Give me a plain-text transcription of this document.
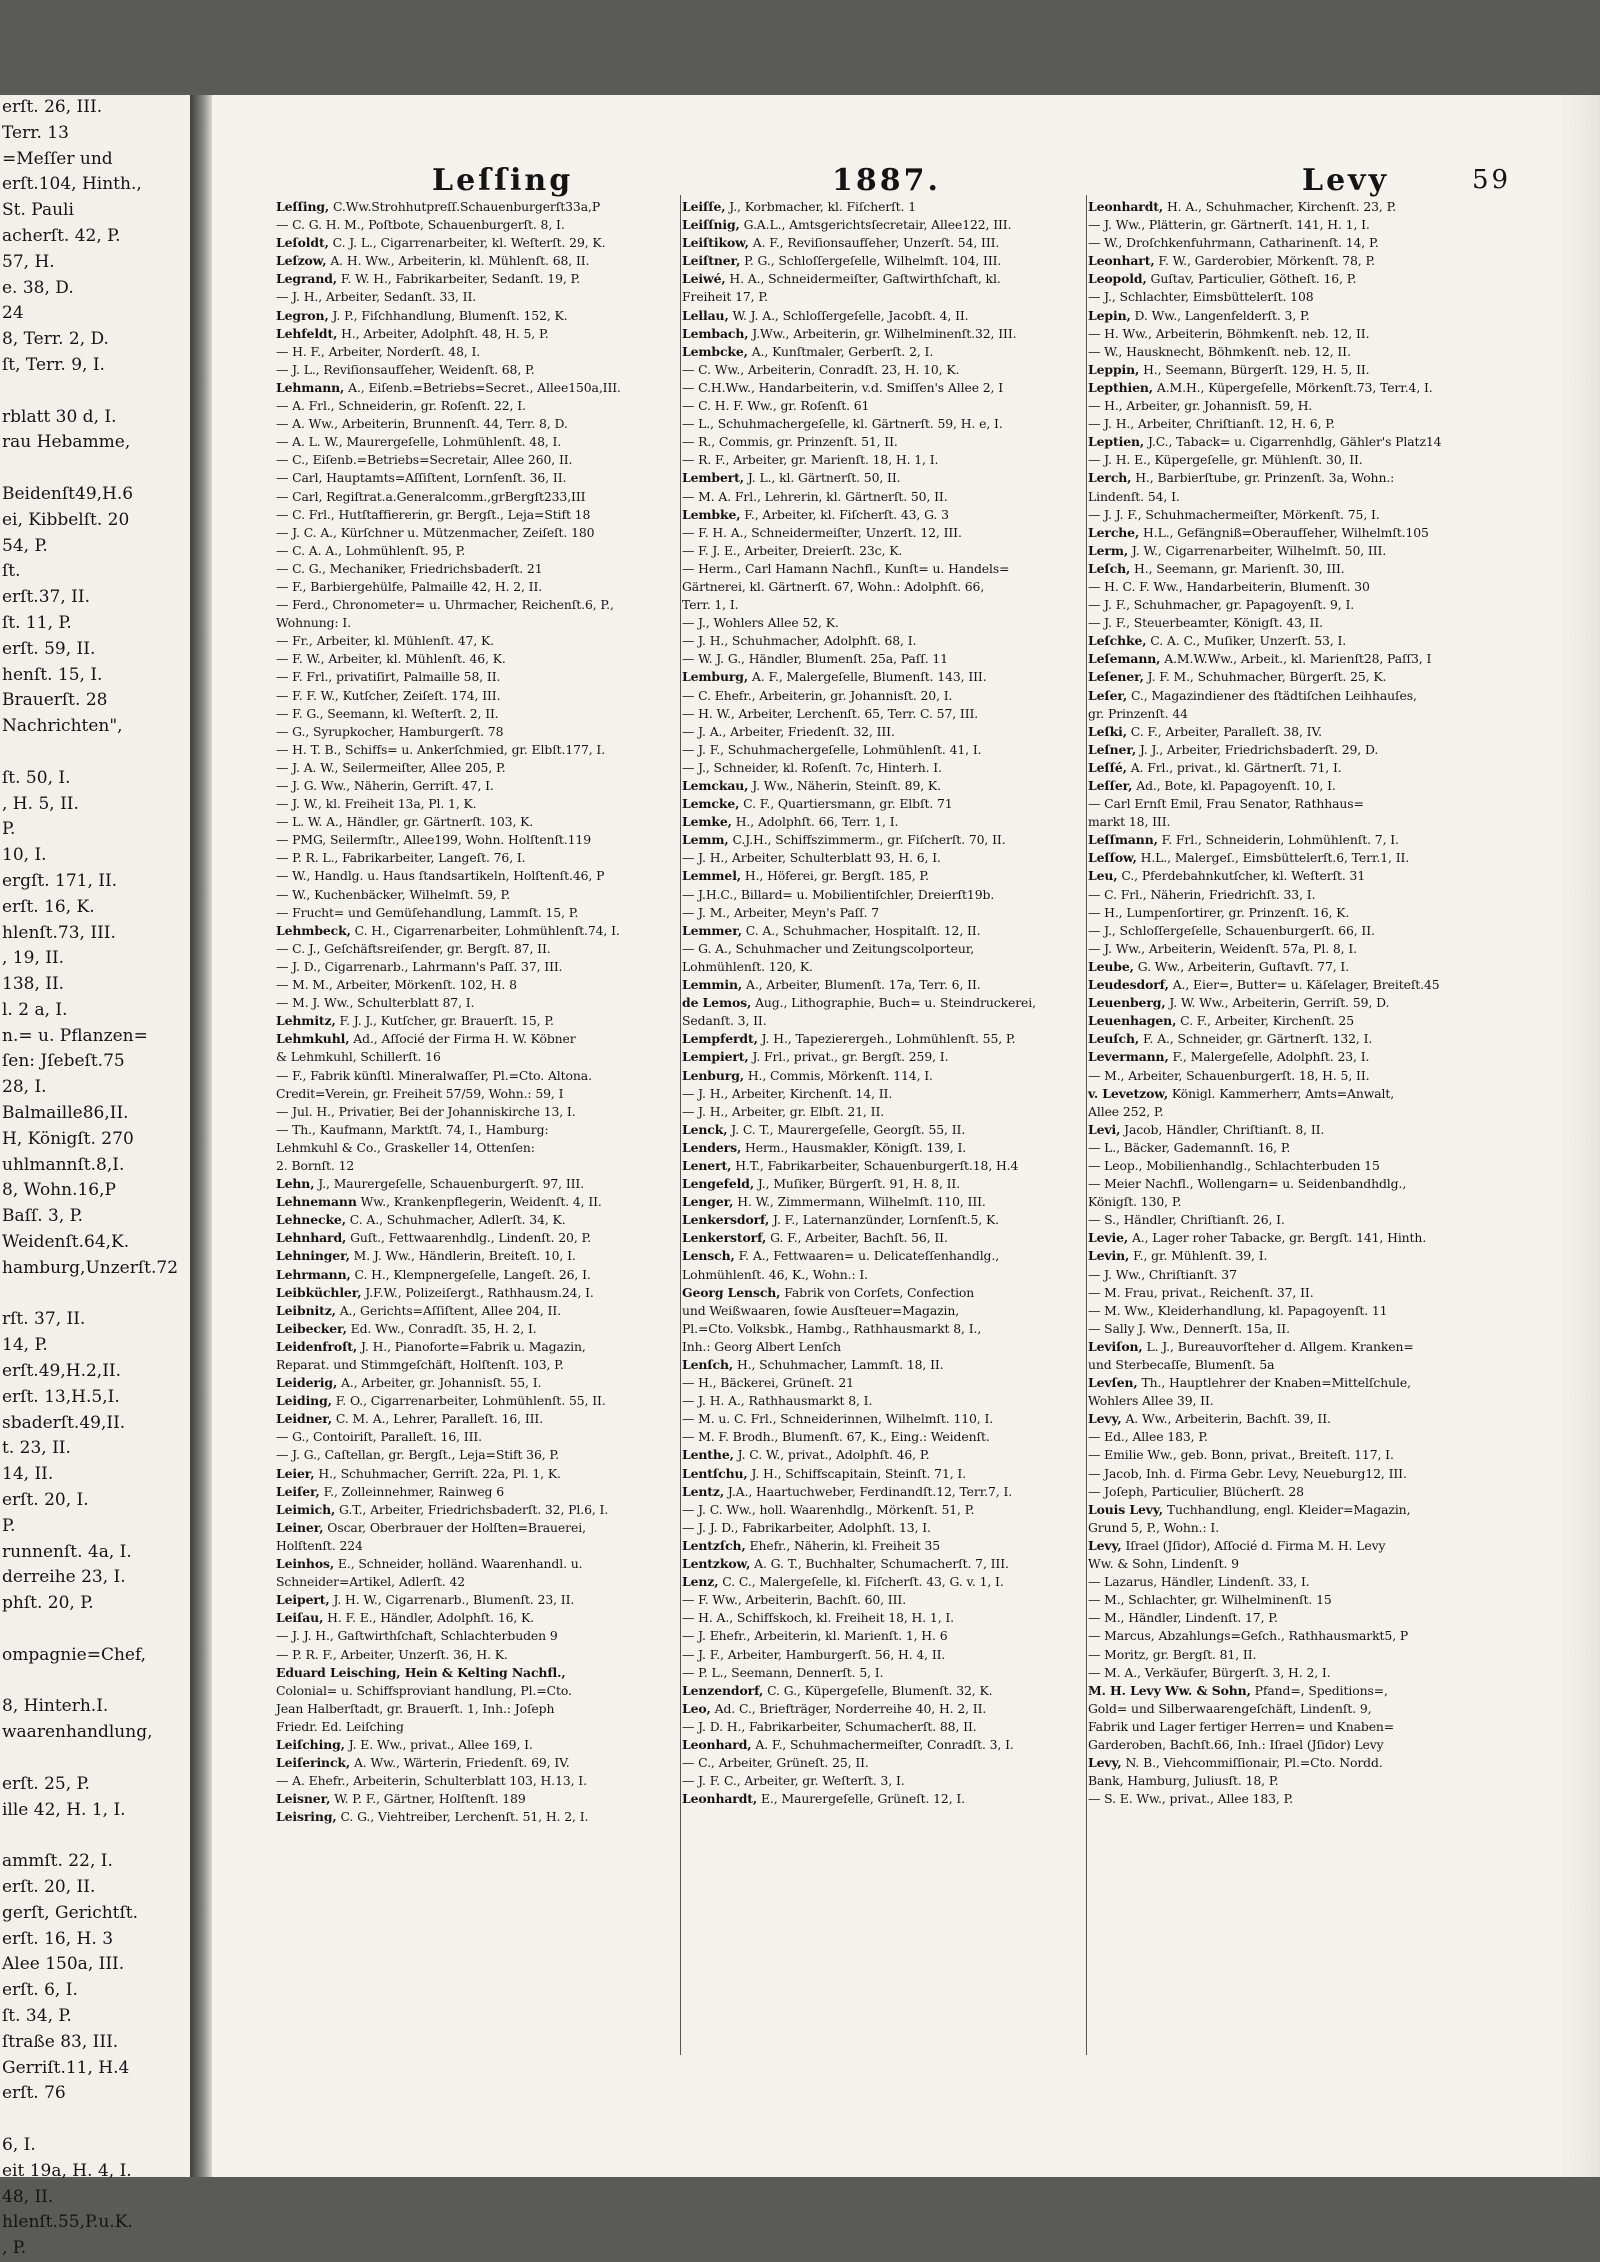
erſt. 26, III.
Terr. 13
=Meſſer und
erſt.104, Hinth.,
St. Pauli
acherſt. 42, P.
57, H.
e. 38, D.
24
8, Terr. 2, D.
ſt, Terr. 9, I.

rblatt 30 d, I.
rau Hebamme,

Beidenſt49,H.6
ei, Kibbelſt. 20
54, P.
ſt.
erſt.37, II.
ſt. 11, P.
erſt. 59, II.
henſt. 15, I.
Brauerſt. 28
Nachrichten",

ſt. 50, I.
, H. 5, II.
P.
10, I.
ergſt. 171, II.
erſt. 16, K.
hlenſt.73, III.
, 19, II.
138, II.
l. 2 a, I.
n.= u. Pflanzen=
ſen: Jſebeſt.75
28, I.
Balmaille86,II.
H, Königſt. 270
uhlmannſt.8,I.
8, Wohn.16,P
Baſſ. 3, P.
Weidenſt.64,K.
hamburg,Unzerſt.72

rſt. 37, II.
14, P.
erſt.49,H.2,II.
erſt. 13,H.5,I.
sbaderſt.49,II.
t. 23, II.
14, II.
erſt. 20, I.
P.
runnenſt. 4a, I.
derreihe 23, I.
phſt. 20, P.

ompagnie=Chef,

8, Hinterh.I.
waarenhandlung,

erſt. 25, P.
ille 42, H. 1, I.

ammſt. 22, I.
erſt. 20, II.
gerſt, Gerichtſt.
erſt. 16, H. 3
Alee 150a, III.
erſt. 6, I.
ſt. 34, P.
ſtraße 83, III.
Gerriſt.11, H.4
erſt. 76

6, I.
eit 19a, H. 4, I.
48, II.
hlenſt.55,P.u.K.
, P.
Leſſing	1887.	Levy	59
Leſſing, C.Ww.Strohhutpreſſ.Schauenburgerſt33a,P
— C. G. H. M., Poſtbote, Schauenburgerſt. 8, I.
Leſoldt, C. J. L., Cigarrenarbeiter, kl. Weſterſt. 29, K.
Leſzow, A. H. Ww., Arbeiterin, kl. Mühlenſt. 68, II.
Legrand, F. W. H., Fabrikarbeiter, Sedanſt. 19, P.
— J. H., Arbeiter, Sedanſt. 33, II.
Legron, J. P., Fiſchhandlung, Blumenſt. 152, K.
Lehfeldt, H., Arbeiter, Adolphſt. 48, H. 5, P.
— H. F., Arbeiter, Norderſt. 48, I.
— J. L., Reviſionsaufſeher, Weidenſt. 68, P.
Lehmann, A., Eiſenb.=Betriebs=Secret., Allee150a,III.
— A. Frl., Schneiderin, gr. Roſenſt. 22, I.
— A. Ww., Arbeiterin, Brunnenſt. 44, Terr. 8, D.
— A. L. W., Maurergeſelle, Lohmühlenſt. 48, I.
— C., Eiſenb.=Betriebs=Secretair, Allee 260, II.
— Carl, Hauptamts=Aſſiſtent, Lornſenſt. 36, II.
— Carl, Regiſtrat.a.Generalcomm.,grBergſt233,III
— C. Frl., Hutſtaffiererin, gr. Bergſt., Leja=Stift 18
— J. C. A., Kürſchner u. Mützenmacher, Zeiſeſt. 180
— C. A. A., Lohmühlenſt. 95, P.
— C. G., Mechaniker, Friedrichsbaderſt. 21
— F., Barbiergehülfe, Palmaille 42, H. 2, II.
— Ferd., Chronometer= u. Uhrmacher, Reichenſt.6, P.,
Wohnung: I.
— Fr., Arbeiter, kl. Mühlenſt. 47, K.
— F. W., Arbeiter, kl. Mühlenſt. 46, K.
— F. Frl., privatiſirt, Palmaille 58, II.
— F. F. W., Kutſcher, Zeiſeſt. 174, III.
— F. G., Seemann, kl. Weſterſt. 2, II.
— G., Syrupkocher, Hamburgerſt. 78
— H. T. B., Schiffs= u. Ankerſchmied, gr. Elbſt.177, I.
— J. A. W., Seilermeiſter, Allee 205, P.
— J. G. Ww., Näherin, Gerriſt. 47, I.
— J. W., kl. Freiheit 13a, Pl. 1, K.
— L. W. A., Händler, gr. Gärtnerſt. 103, K.
— PMG, Seilermſtr., Allee199, Wohn. Holſtenſt.119
— P. R. L., Fabrikarbeiter, Langeſt. 76, I.
— W., Handlg. u. Haus ſtandsartikeln, Holſtenſt.46, P
— W., Kuchenbäcker, Wilhelmſt. 59, P.
— Frucht= und Gemüſehandlung, Lammſt. 15, P.
Lehmbeck, C. H., Cigarrenarbeiter, Lohmühlenſt.74, I.
— C. J., Geſchäftsreiſender, gr. Bergſt. 87, II.
— J. D., Cigarrenarb., Lahrmann's Paſſ. 37, III.
— M. M., Arbeiter, Mörkenſt. 102, H. 8
— M. J. Ww., Schulterblatt 87, I.
Lehmitz, F. J. J., Kutſcher, gr. Brauerſt. 15, P.
Lehmkuhl, Ad., Aſſocié der Firma H. W. Köbner
& Lehmkuhl, Schillerſt. 16
— F., Fabrik künſtl. Mineralwaſſer, Pl.=Cto. Altona.
Credit=Verein, gr. Freiheit 57/59, Wohn.: 59, I
— Jul. H., Privatier, Bei der Johanniskirche 13, I.
— Th., Kaufmann, Marktſt. 74, I., Hamburg:
Lehmkuhl & Co., Graskeller 14, Ottenſen:
2. Bornſt. 12
Lehn, J., Maurergeſelle, Schauenburgerſt. 97, III.
Lehnemann Ww., Krankenpflegerin, Weidenſt. 4, II.
Lehnecke, C. A., Schuhmacher, Adlerſt. 34, K.
Lehnhard, Guſt., Fettwaarenhdlg., Lindenſt. 20, P.
Lehninger, M. J. Ww., Händlerin, Breiteſt. 10, I.
Lehrmann, C. H., Klempnergeſelle, Langeſt. 26, I.
Leibküchler, J.F.W., Polizeiſergt., Rathhausm.24, I.
Leibnitz, A., Gerichts=Aſſiſtent, Allee 204, II.
Leibecker, Ed. Ww., Conradſt. 35, H. 2, I.
Leidenfroſt, J. H., Pianoforte=Fabrik u. Magazin,
Reparat. und Stimmgeſchäft, Holſtenſt. 103, P.
Leiderig, A., Arbeiter, gr. Johannisſt. 55, I.
Leiding, F. O., Cigarrenarbeiter, Lohmühlenſt. 55, II.
Leidner, C. M. A., Lehrer, Paralleſt. 16, III.
— G., Contoiriſt, Paralleſt. 16, III.
— J. G., Caſtellan, gr. Bergſt., Leja=Stift 36, P.
Leier, H., Schuhmacher, Gerriſt. 22a, Pl. 1, K.
Leiſer, F., Zolleinnehmer, Rainweg 6
Leimich, G.T., Arbeiter, Friedrichsbaderſt. 32, Pl.6, I.
Leiner, Oscar, Oberbrauer der Holſten=Brauerei,
Holſtenſt. 224
Leinhos, E., Schneider, holländ. Waarenhandl. u.
Schneider=Artikel, Adlerſt. 42
Leipert, J. H. W., Cigarrenarb., Blumenſt. 23, II.
Leiſau, H. F. E., Händler, Adolphſt. 16, K.
— J. J. H., Gaſtwirthſchaft, Schlachterbuden 9
— P. R. F., Arbeiter, Unzerſt. 36, H. K.
Eduard Leisching, Hein & Kelting Nachfl.,
Colonial= u. Schiffsproviant handlung, Pl.=Cto.
Jean Halberſtadt, gr. Brauerſt. 1, Inh.: Joſeph
Friedr. Ed. Leiſching
Leiſching, J. E. Ww., privat., Allee 169, I.
Leiſerinck, A. Ww., Wärterin, Friedenſt. 69, IV.
— A. Ehefr., Arbeiterin, Schulterblatt 103, H.13, I.
Leisner, W. P. F., Gärtner, Holſtenſt. 189
Leisring, C. G., Viehtreiber, Lerchenſt. 51, H. 2, I.
Leiſſe, J., Korbmacher, kl. Fiſcherſt. 1
Leiſſnig, G.A.L., Amtsgerichtsſecretair, Allee122, III.
Leiſtikow, A. F., Reviſionsaufſeher, Unzerſt. 54, III.
Leiſtner, P. G., Schloſſergeſelle, Wilhelmſt. 104, III.
Leiwé, H. A., Schneidermeiſter, Gaſtwirthſchaft, kl.
Freiheit 17, P.
Lellau, W. J. A., Schloſſergeſelle, Jacobſt. 4, II.
Lembach, J.Ww., Arbeiterin, gr. Wilhelminenſt.32, III.
Lembcke, A., Kunſtmaler, Gerberſt. 2, I.
— C. Ww., Arbeiterin, Conradſt. 23, H. 10, K.
— C.H.Ww., Handarbeiterin, v.d. Smiſſen's Allee 2, I
— C. H. F. Ww., gr. Roſenſt. 61
— L., Schuhmachergeſelle, kl. Gärtnerſt. 59, H. e, I.
— R., Commis, gr. Prinzenſt. 51, II.
— R. F., Arbeiter, gr. Marienſt. 18, H. 1, I.
Lembert, J. L., kl. Gärtnerſt. 50, II.
— M. A. Frl., Lehrerin, kl. Gärtnerſt. 50, II.
Lembke, F., Arbeiter, kl. Fiſcherſt. 43, G. 3
— F. H. A., Schneidermeiſter, Unzerſt. 12, III.
— F. J. E., Arbeiter, Dreierſt. 23c, K.
— Herm., Carl Hamann Nachfl., Kunſt= u. Handels=
Gärtnerei, kl. Gärtnerſt. 67, Wohn.: Adolphſt. 66,
Terr. 1, I.
— J., Wohlers Allee 52, K.
— J. H., Schuhmacher, Adolphſt. 68, I.
— W. J. G., Händler, Blumenſt. 25a, Paſſ. 11
Lemburg, A. F., Malergeſelle, Blumenſt. 143, III.
— C. Ehefr., Arbeiterin, gr. Johannisſt. 20, I.
— H. W., Arbeiter, Lerchenſt. 65, Terr. C. 57, III.
— J. A., Arbeiter, Friedenſt. 32, III.
— J. F., Schuhmachergeſelle, Lohmühlenſt. 41, I.
— J., Schneider, kl. Roſenſt. 7c, Hinterh. I.
Lemckau, J. Ww., Näherin, Steinſt. 89, K.
Lemcke, C. F., Quartiersmann, gr. Elbſt. 71
Lemke, H., Adolphſt. 66, Terr. 1, I.
Lemm, C.J.H., Schiffszimmerm., gr. Fiſcherſt. 70, II.
— J. H., Arbeiter, Schulterblatt 93, H. 6, I.
Lemmel, H., Höferei, gr. Bergſt. 185, P.
— J.H.C., Billard= u. Mobilientiſchler, Dreierſt19b.
— J. M., Arbeiter, Meyn's Paſſ. 7
Lemmer, C. A., Schuhmacher, Hospitalſt. 12, II.
— G. A., Schuhmacher und Zeitungscolporteur,
Lohmühlenſt. 120, K.
Lemmin, A., Arbeiter, Blumenſt. 17a, Terr. 6, II.
de Lemos, Aug., Lithographie, Buch= u. Steindruckerei,
Sedanſt. 3, II.
Lempferdt, J. H., Tapezierergeh., Lohmühlenſt. 55, P.
Lempiert, J. Frl., privat., gr. Bergſt. 259, I.
Lenburg, H., Commis, Mörkenſt. 114, I.
— J. H., Arbeiter, Kirchenſt. 14, II.
— J. H., Arbeiter, gr. Elbſt. 21, II.
Lenck, J. C. T., Maurergeſelle, Georgſt. 55, II.
Lenders, Herm., Hausmakler, Königſt. 139, I.
Lenert, H.T., Fabrikarbeiter, Schauenburgerſt.18, H.4
Lengefeld, J., Muſiker, Bürgerſt. 91, H. 8, II.
Lenger, H. W., Zimmermann, Wilhelmſt. 110, III.
Lenkersdorf, J. F., Laternanzünder, Lornſenſt.5, K.
Lenkerstorf, G. F., Arbeiter, Bachſt. 56, II.
Lensch, F. A., Fettwaaren= u. Delicateſſenhandlg.,
Lohmühlenſt. 46, K., Wohn.: I.
Georg Lensch, Fabrik von Corſets, Confection
und Weißwaaren, ſowie Ausſteuer=Magazin,
Pl.=Cto. Volksbk., Hambg., Rathhausmarkt 8, I.,
Inh.: Georg Albert Lenſch
Lenſch, H., Schuhmacher, Lammſt. 18, II.
— H., Bäckerei, Grüneſt. 21
— J. H. A., Rathhausmarkt 8, I.
— M. u. C. Frl., Schneiderinnen, Wilhelmſt. 110, I.
— M. F. Brodh., Blumenſt. 67, K., Eing.: Weidenſt.
Lenthe, J. C. W., privat., Adolphſt. 46, P.
Lentſchu, J. H., Schiffscapitain, Steinſt. 71, I.
Lentz, J.A., Haartuchweber, Ferdinandſt.12, Terr.7, I.
— J. C. Ww., holl. Waarenhdlg., Mörkenſt. 51, P.
— J. J. D., Fabrikarbeiter, Adolphſt. 13, I.
Lentzſch, Ehefr., Näherin, kl. Freiheit 35
Lentzkow, A. G. T., Buchhalter, Schumacherſt. 7, III.
Lenz, C. C., Malergeſelle, kl. Fiſcherſt. 43, G. v. 1, I.
— F. Ww., Arbeiterin, Bachſt. 60, III.
— H. A., Schiffskoch, kl. Freiheit 18, H. 1, I.
— J. Ehefr., Arbeiterin, kl. Marienſt. 1, H. 6
— J. F., Arbeiter, Hamburgerſt. 56, H. 4, II.
— P. L., Seemann, Dennerſt. 5, I.
Lenzendorf, C. G., Küpergeſelle, Blumenſt. 32, K.
Leo, Ad. C., Briefträger, Norderreihe 40, H. 2, II.
— J. D. H., Fabrikarbeiter, Schumacherſt. 88, II.
Leonhard, A. F., Schuhmachermeiſter, Conradſt. 3, I.
— C., Arbeiter, Grüneſt. 25, II.
— J. F. C., Arbeiter, gr. Weſterſt. 3, I.
Leonhardt, E., Maurergeſelle, Grüneſt. 12, I.
Leonhardt, H. A., Schuhmacher, Kirchenſt. 23, P.
— J. Ww., Plätterin, gr. Gärtnerſt. 141, H. 1, I.
— W., Droſchkenfuhrmann, Catharinenſt. 14, P.
Leonhart, F. W., Garderobier, Mörkenſt. 78, P.
Leopold, Guſtav, Particulier, Götheſt. 16, P.
— J., Schlachter, Eimsbüttelerſt. 108
Lepin, D. Ww., Langenfelderſt. 3, P.
— H. Ww., Arbeiterin, Böhmkenſt. neb. 12, II.
— W., Hausknecht, Böhmkenſt. neb. 12, II.
Leppin, H., Seemann, Bürgerſt. 129, H. 5, II.
Lepthien, A.M.H., Küpergeſelle, Mörkenſt.73, Terr.4, I.
— H., Arbeiter, gr. Johannisſt. 59, H.
— J. H., Arbeiter, Chriſtianſt. 12, H. 6, P.
Leptien, J.C., Taback= u. Cigarrenhdlg, Gähler's Platz14
— J. H. E., Küpergeſelle, gr. Mühlenſt. 30, II.
Lerch, H., Barbierſtube, gr. Prinzenſt. 3a, Wohn.:
Lindenſt. 54, I.
— J. J. F., Schuhmachermeiſter, Mörkenſt. 75, I.
Lerche, H.L., Gefängniß=Oberaufſeher, Wilhelmſt.105
Lerm, J. W., Cigarrenarbeiter, Wilhelmſt. 50, III.
Leſch, H., Seemann, gr. Marienſt. 30, III.
— H. C. F. Ww., Handarbeiterin, Blumenſt. 30
— J. F., Schuhmacher, gr. Papagoyenſt. 9, I.
— J. F., Steuerbeamter, Königſt. 43, II.
Leſchke, C. A. C., Muſiker, Unzerſt. 53, I.
Leſemann, A.M.W.Ww., Arbeit., kl. Marienſt28, Paſſ3, I
Leſener, J. F. M., Schuhmacher, Bürgerſt. 25, K.
Leſer, C., Magazindiener des ſtädtiſchen Leihhauſes,
gr. Prinzenſt. 44
Leſki, C. F., Arbeiter, Paralleſt. 38, IV.
Leſner, J. J., Arbeiter, Friedrichsbaderſt. 29, D.
Leſſé, A. Frl., privat., kl. Gärtnerſt. 71, I.
Leſſer, Ad., Bote, kl. Papagoyenſt. 10, I.
— Carl Ernſt Emil, Frau Senator, Rathhaus=
markt 18, III.
Leſſmann, F. Frl., Schneiderin, Lohmühlenſt. 7, I.
Leſſow, H.L., Malergeſ., Eimsbüttelerſt.6, Terr.1, II.
Leu, C., Pferdebahnkutſcher, kl. Weſterſt. 31
— C. Frl., Näherin, Friedrichſt. 33, I.
— H., Lumpenſortirer, gr. Prinzenſt. 16, K.
— J., Schloſſergeſelle, Schauenburgerſt. 66, II.
— J. Ww., Arbeiterin, Weidenſt. 57a, Pl. 8, I.
Leube, G. Ww., Arbeiterin, Guſtavſt. 77, I.
Leudesdorf, A., Eier=, Butter= u. Käſelager, Breiteſt.45
Leuenberg, J. W. Ww., Arbeiterin, Gerriſt. 59, D.
Leuenhagen, C. F., Arbeiter, Kirchenſt. 25
Leuſch, F. A., Schneider, gr. Gärtnerſt. 132, I.
Levermann, F., Malergeſelle, Adolphſt. 23, I.
— M., Arbeiter, Schauenburgerſt. 18, H. 5, II.
v. Levetzow, Königl. Kammerherr, Amts=Anwalt,
Allee 252, P.
Levi, Jacob, Händler, Chriſtianſt. 8, II.
— L., Bäcker, Gademannſt. 16, P.
— Leop., Mobilienhandlg., Schlachterbuden 15
— Meier Nachfl., Wollengarn= u. Seidenbandhdlg.,
Königſt. 130, P.
— S., Händler, Chriſtianſt. 26, I.
Levie, A., Lager roher Tabacke, gr. Bergſt. 141, Hinth.
Levin, F., gr. Mühlenſt. 39, I.
— J. Ww., Chriſtianſt. 37
— M. Frau, privat., Reichenſt. 37, II.
— M. Ww., Kleiderhandlung, kl. Papagoyenſt. 11
— Sally J. Ww., Dennerſt. 15a, II.
Leviſon, L. J., Bureauvorſteher d. Allgem. Kranken=
und Sterbecaſſe, Blumenſt. 5a
Levſen, Th., Hauptlehrer der Knaben=Mittelſchule,
Wohlers Allee 39, II.
Levy, A. Ww., Arbeiterin, Bachſt. 39, II.
— Ed., Allee 183, P.
— Emilie Ww., geb. Bonn, privat., Breiteſt. 117, I.
— Jacob, Inh. d. Firma Gebr. Levy, Neueburg12, III.
— Joſeph, Particulier, Blücherſt. 28
Louis Levy, Tuchhandlung, engl. Kleider=Magazin,
Grund 5, P., Wohn.: I.
Levy, Iſrael (Jſidor), Aſſocié d. Firma M. H. Levy
Ww. & Sohn, Lindenſt. 9
— Lazarus, Händler, Lindenſt. 33, I.
— M., Schlachter, gr. Wilhelminenſt. 15
— M., Händler, Lindenſt. 17, P.
— Marcus, Abzahlungs=Geſch., Rathhausmarkt5, P
— Moritz, gr. Bergſt. 81, II.
— M. A., Verkäufer, Bürgerſt. 3, H. 2, I.
M. H. Levy Ww. & Sohn, Pfand=, Speditions=,
Gold= und Silberwaarengeſchäft, Lindenſt. 9,
Fabrik und Lager fertiger Herren= und Knaben=
Garderoben, Bachſt.66, Inh.: Iſrael (Jſidor) Levy
Levy, N. B., Viehcommiſſionair, Pl.=Cto. Nordd.
Bank, Hamburg, Juliusſt. 18, P.
— S. E. Ww., privat., Allee 183, P.
